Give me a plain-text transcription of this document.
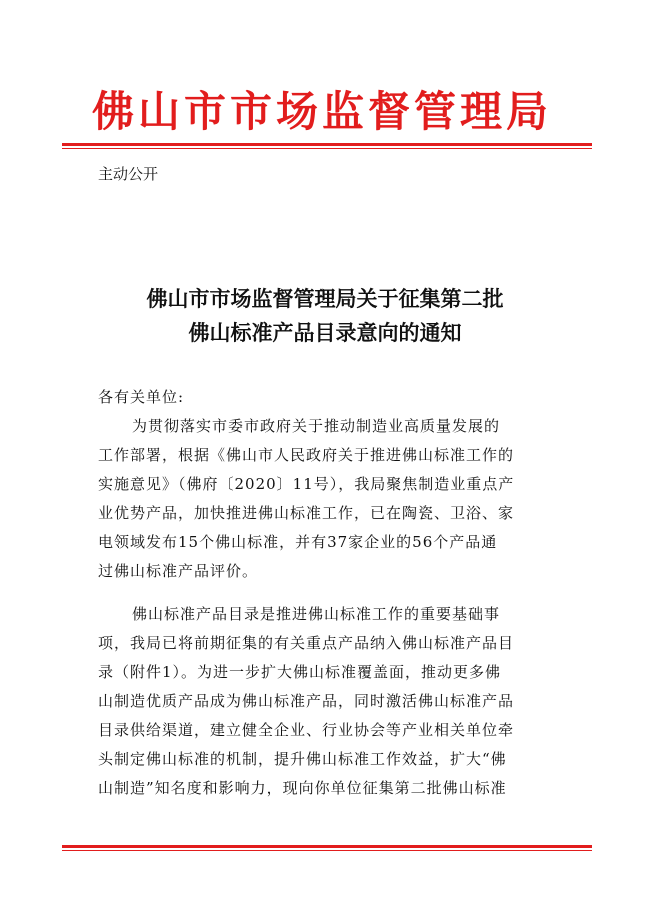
佛山市市场监督管理局
主动公开
佛山市市场监督管理局关于征集第二批
佛山标准产品目录意向的通知
各有关单位:
为贯彻落实市委市政府关于推动制造业高质量发展的
工作部署，根据《佛山市人民政府关于推进佛山标准工作的
实施意见》（佛府〔2020〕11号），我局聚焦制造业重点产
业优势产品，加快推进佛山标准工作，已在陶瓷、卫浴、家
电领域发布15个佛山标准，并有37家企业的56个产品通
过佛山标准产品评价。
佛山标准产品目录是推进佛山标准工作的重要基础事
项，我局已将前期征集的有关重点产品纳入佛山标准产品目
录（附件1）。为进一步扩大佛山标准覆盖面，推动更多佛
山制造优质产品成为佛山标准产品，同时激活佛山标准产品
目录供给渠道，建立健全企业、行业协会等产业相关单位牵
头制定佛山标准的机制，提升佛山标准工作效益，扩大“佛
山制造”知名度和影响力，现向你单位征集第二批佛山标准
